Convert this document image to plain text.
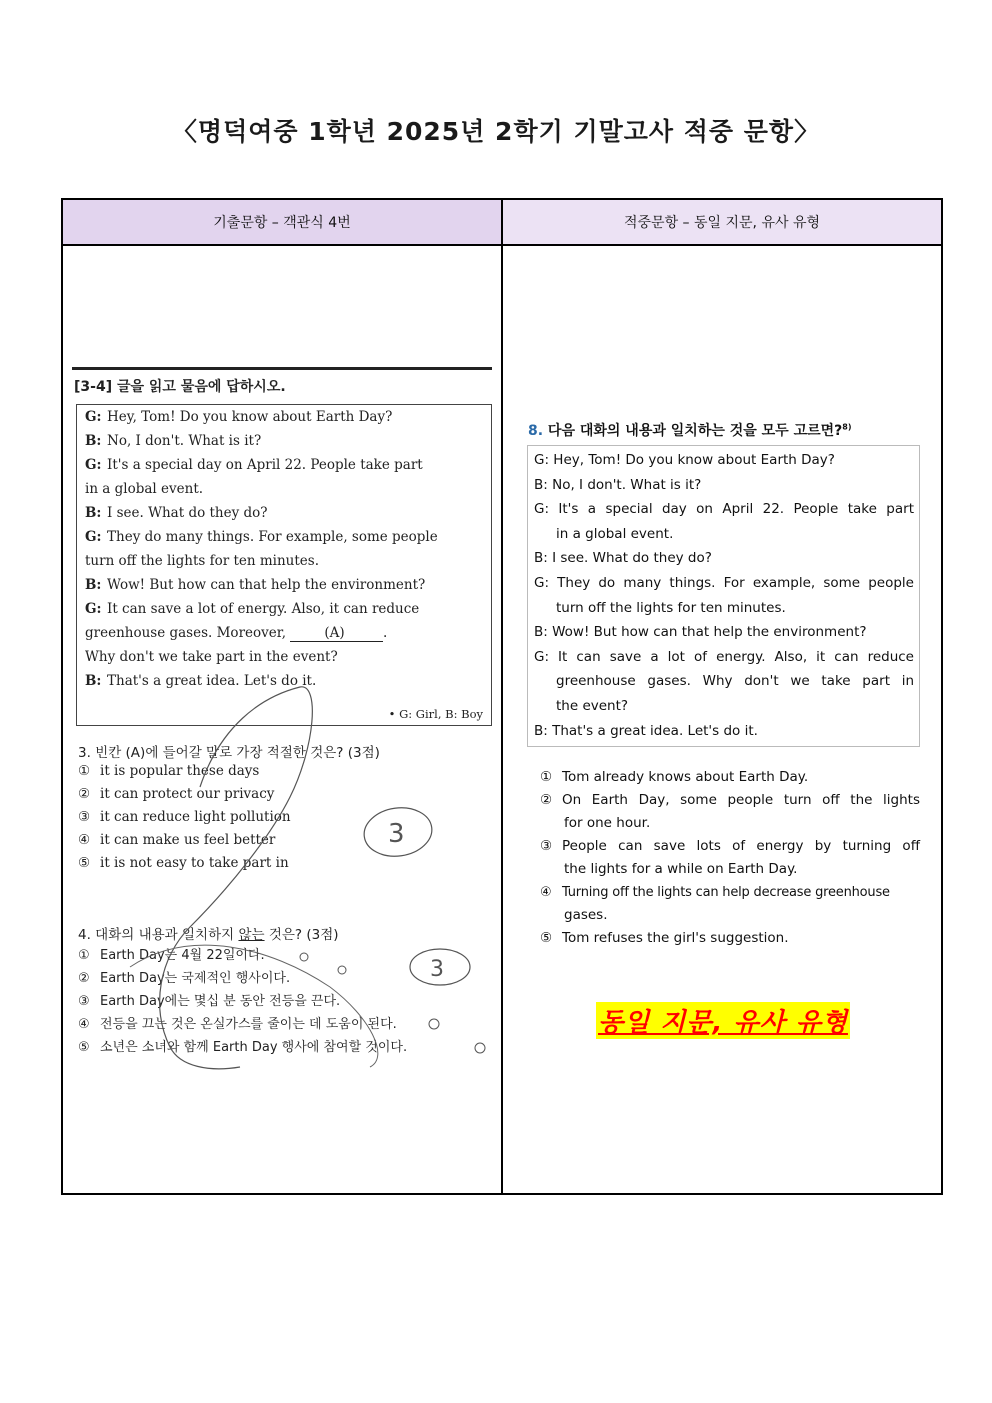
〈명덕여중 1학년 2025년 2학기 기말고사 적중 문항〉
기출문항 – 객관식 4번	적중문항 – 동일 지문, 유사 유형
[3-4] 글을 읽고 물음에 답하시오.
G: Hey, Tom! Do you know about Earth Day?
B: No, I don't. What is it?
G: It's a special day on April 22. People take part
in a global event.
B: I see. What do they do?
G: They do many things. For example, some people
turn off the lights for ten minutes.
B: Wow! But how can that help the environment?
G: It can save a lot of energy. Also, it can reduce
greenhouse gases. Moreover,	(A)	.
Why don't we take part in the event?
B: That's a great idea. Let's do it.
• G: Girl, B: Boy
3. 빈칸 (A)에 들어갈 말로 가장 적절한 것은? (3점)
① it is popular these days
② it can protect our privacy
③ it can reduce light pollution
④ it can make us feel better
⑤ it is not easy to take part in
4. 대화의 내용과 일치하지 않는 것은? (3점)
① Earth Day는 4월 22일이다.
② Earth Day는 국제적인 행사이다.
③ Earth Day에는 몇십 분 동안 전등을 끈다.
④ 전등을 끄는 것은 온실가스를 줄이는 데 도움이 된다.
⑤ 소년은 소녀와 함께 Earth Day 행사에 참여할 것이다.
3
3
8. 다음 대화의 내용과 일치하는 것을 모두 고르면?$^{8)}$
G: Hey, Tom! Do you know about Earth Day?
B: No, I don't. What is it?
G: It's a special day on April 22. People take part
in a global event.
B: I see. What do they do?
G: They do many things. For example, some people
turn off the lights for ten minutes.
B: Wow! But how can that help the environment?
G: It can save a lot of energy. Also, it can reduce
greenhouse gases. Why don't we take part in
the event?
B: That's a great idea. Let's do it.
① Tom already knows about Earth Day.
② On Earth Day, some people turn off the lights
for one hour.
③ People can save lots of energy by turning off
the lights for a while on Earth Day.
④ Turning off the lights can help decrease greenhouse
gases.
⑤ Tom refuses the girl's suggestion.
동일 지문, 유사 유형
